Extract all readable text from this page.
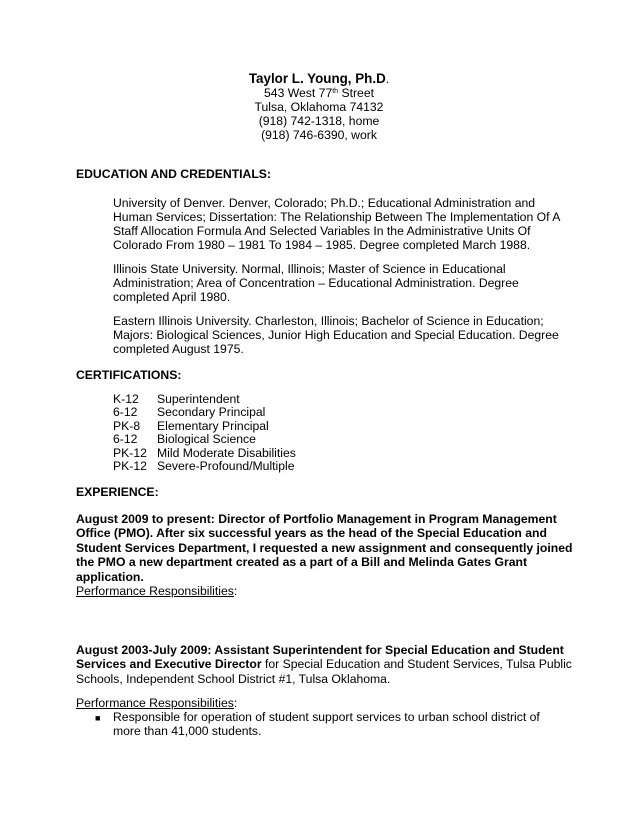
Taylor L. Young, Ph.D.
543 West 77th Street
Tulsa, Oklahoma 74132
(918) 742-1318, home
(918) 746-6390, work
EDUCATION AND CREDENTIALS:
University of Denver. Denver, Colorado; Ph.D.; Educational Administration and Human Services; Dissertation: The Relationship Between The Implementation Of A Staff Allocation Formula And Selected Variables In the Administrative Units Of Colorado From 1980 – 1981 To 1984 – 1985. Degree completed March 1988.
Illinois State University. Normal, Illinois; Master of Science in Educational Administration; Area of Concentration – Educational Administration. Degree completed April 1980.
Eastern Illinois University. Charleston, Illinois; Bachelor of Science in Education; Majors: Biological Sciences, Junior High Education and Special Education. Degree completed August 1975.
CERTIFICATIONS:
K-12	Superintendent
6-12	Secondary Principal
PK-8	Elementary Principal
6-12	Biological Science
PK-12 Mild Moderate Disabilities
PK-12 Severe-Profound/Multiple
EXPERIENCE:
August 2009 to present: Director of Portfolio Management in Program Management Office (PMO). After six successful years as the head of the Special Education and Student Services Department, I requested a new assignment and consequently joined the PMO a new department created as a part of a Bill and Melinda Gates Grant application.
Performance Responsibilities:
August 2003-July 2009: Assistant Superintendent for Special Education and Student Services and Executive Director for Special Education and Student Services, Tulsa Public Schools, Independent School District #1, Tulsa Oklahoma.
Performance Responsibilities:
■	Responsible for operation of student support services to urban school district of more than 41,000 students.
